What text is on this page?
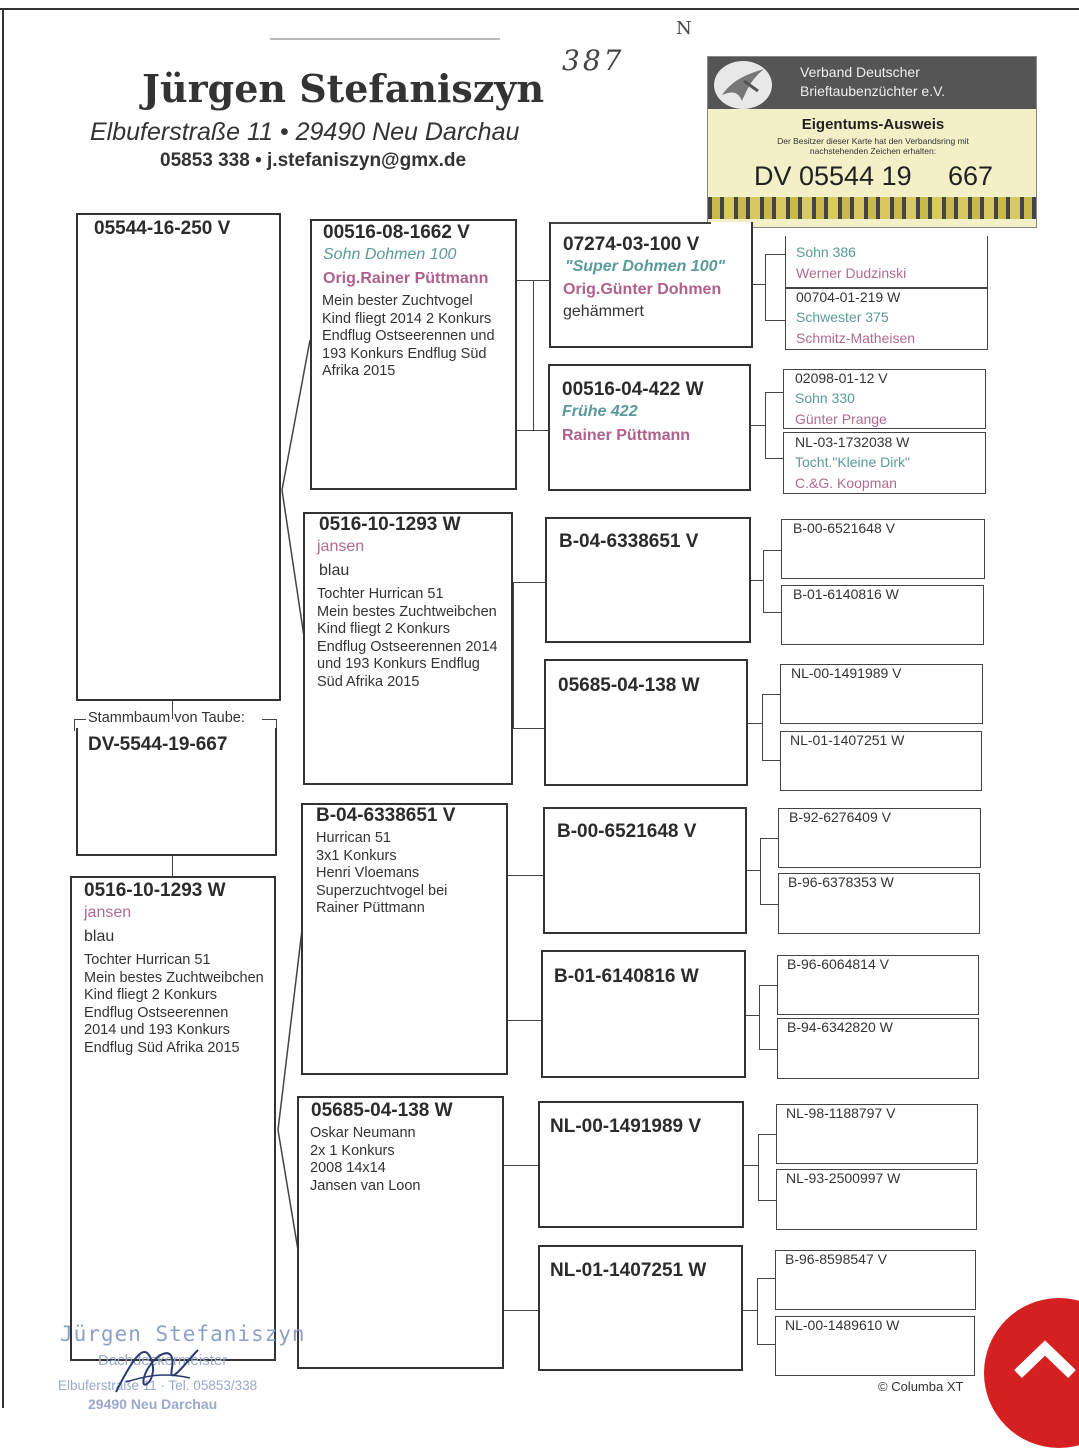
Jürgen Stefaniszyn
Elbuferstraße 11 • 29490 Neu Darchau
05853 338 • j.stefaniszyn@gmx.de
387
N
Verband Deutscher Brieftaubenzüchter e.V.
Eigentums-Ausweis
Der Besitzer dieser Karte hat den Verbandsring mit nachstehenden Zeichen erhalten:
DV 05544 19 667
05544-16-250 V
Stammbaum von Taube:
DV-5544-19-667
0516-10-1293 W
jansen
blau
Tochter Hurrican 51
Mein bestes Zuchtweibchen
Kind fliegt 2 Konkurs
Endflug Ostseerennen
2014 und 193 Konkurs
Endflug Süd Afrika 2015
00516-08-1662 V
Sohn Dohmen 100
Orig.Rainer Püttmann
Mein bester Zuchtvogel
Kind fliegt 2014 2 Konkurs
Endflug Ostseerennen und
193 Konkurs Endflug Süd
Afrika 2015
0516-10-1293 W
jansen
blau
Tochter Hurrican 51
Mein bestes Zuchtweibchen
Kind fliegt 2 Konkurs
Endflug Ostseerennen 2014
und 193 Konkurs Endflug
Süd Afrika 2015
B-04-6338651 V
Hurrican 51
3x1 Konkurs
Henri Vloemans
Superzuchtvogel bei
Rainer Püttmann
05685-04-138 W
Oskar Neumann
2x 1 Konkurs
2008 14x14
Jansen van Loon
07274-03-100 V
"Super Dohmen 100"
Orig.Günter Dohmen
gehämmert
00516-04-422 W
Frühe 422
Rainer Püttmann
B-04-6338651 V
05685-04-138 W
B-00-6521648 V
B-01-6140816 W
NL-00-1491989 V
NL-01-1407251 W
Sohn 386
Werner Dudzinski
00704-01-219 W
Schwester 375
Schmitz-Matheisen
02098-01-12 V
Sohn 330
Günter Prange
NL-03-1732038 W
Tocht."Kleine Dirk"
C.&G. Koopman
B-00-6521648 V
B-01-6140816 W
NL-00-1491989 V
NL-01-1407251 W
B-92-6276409 V
B-96-6378353 W
B-96-6064814 V
B-94-6342820 W
NL-98-1188797 V
NL-93-2500997 W
B-96-8598547 V
NL-00-1489610 W
Jürgen Stefaniszyn
Dachdeckermeister
Elbuferstraße 11 · Tel. 05853/338
29490 Neu Darchau
© Columba XT
